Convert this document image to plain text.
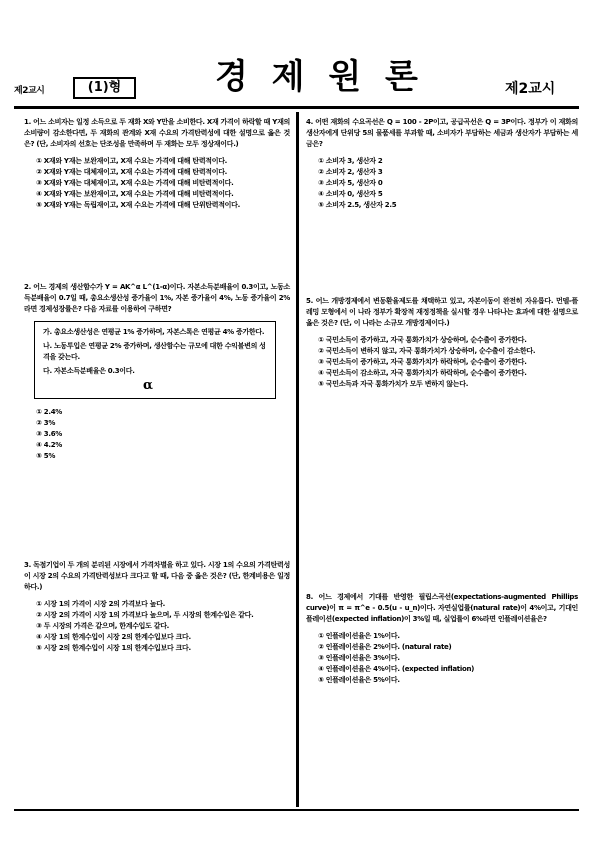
제2교시	(1)형	경 제 원 론	제2교시

1. 어느 소비자는 일정 소득으로 두 재화 X와 Y만을 소비한다. X재 가격이 하락할 때 Y재의 소비량이 감소한다면, 두 재화의 관계와 X재 수요의 가격탄력성에 대한 설명으로 옳은 것은? (단, 소비자의 선호는 단조성을 만족하며 두 재화는 모두 정상재이다.)

① X재와 Y재는 보완재이고, X재 수요는 가격에 대해 탄력적이다.

② X재와 Y재는 대체재이고, X재 수요는 가격에 대해 탄력적이다.

③ X재와 Y재는 대체재이고, X재 수요는 가격에 대해 비탄력적이다.

④ X재와 Y재는 보완재이고, X재 수요는 가격에 대해 비탄력적이다.

⑤ X재와 Y재는 독립재이고, X재 수요는 가격에 대해 단위탄력적이다.

2. 어느 경제의 생산함수가 Y = AK^α L^(1-α)이다. 자본소득분배율이 0.3이고, 노동소득분배율이 0.7일 때, 총요소생산성 증가율이 1%, 자본 증가율이 4%, 노동 증가율이 2%라면 경제성장률은? 다음 자료를 이용하여 구하면?

가. 총요소생산성은 연평균 1% 증가하며, 자본스톡은 연평균 4% 증가한다.

나. 노동투입은 연평균 2% 증가하며, 생산함수는 규모에 대한 수익불변의 성격을 갖는다.

다. 자본소득분배율은 0.3이다.

α

① 2.4%

② 3%

③ 3.6%

④ 4.2%

⑤ 5%

3. 독점기업이 두 개의 분리된 시장에서 가격차별을 하고 있다. 시장 1의 수요의 가격탄력성이 시장 2의 수요의 가격탄력성보다 크다고 할 때, 다음 중 옳은 것은? (단, 한계비용은 일정하다.)

① 시장 1의 가격이 시장 2의 가격보다 높다.

② 시장 2의 가격이 시장 1의 가격보다 높으며, 두 시장의 한계수입은 같다.

③ 두 시장의 가격은 같으며, 한계수입도 같다.

④ 시장 1의 한계수입이 시장 2의 한계수입보다 크다.

⑤ 시장 2의 한계수입이 시장 1의 한계수입보다 크다.

4. 어떤 재화의 수요곡선은 Q = 100 - 2P이고, 공급곡선은 Q = 3P이다. 정부가 이 재화의 생산자에게 단위당 5의 물품세를 부과할 때, 소비자가 부담하는 세금과 생산자가 부담하는 세금은?

① 소비자 3, 생산자 2

② 소비자 2, 생산자 3

③ 소비자 5, 생산자 0

④ 소비자 0, 생산자 5

⑤ 소비자 2.5, 생산자 2.5

5. 어느 개방경제에서 변동환율제도를 채택하고 있고, 자본이동이 완전히 자유롭다. 먼델-플레밍 모형에서 이 나라 정부가 확장적 재정정책을 실시할 경우 나타나는 효과에 대한 설명으로 옳은 것은? (단, 이 나라는 소규모 개방경제이다.)

① 국민소득이 증가하고, 자국 통화가치가 상승하며, 순수출이 증가한다.

② 국민소득이 변하지 않고, 자국 통화가치가 상승하며, 순수출이 감소한다.

③ 국민소득이 증가하고, 자국 통화가치가 하락하며, 순수출이 증가한다.

④ 국민소득이 감소하고, 자국 통화가치가 하락하며, 순수출이 증가한다.

⑤ 국민소득과 자국 통화가치가 모두 변하지 않는다.

8. 어느 경제에서 기대를 반영한 필립스곡선(expectations-augmented Phillips curve)이 π = π^e - 0.5(u - u_n)이다. 자연실업률(natural rate)이 4%이고, 기대인플레이션(expected inflation)이 3%일 때, 실업률이 6%라면 인플레이션율은?

① 인플레이션율은 1%이다.

② 인플레이션율은 2%이다. (natural rate)

③ 인플레이션율은 3%이다.

④ 인플레이션율은 4%이다. (expected inflation)

⑤ 인플레이션율은 5%이다.
